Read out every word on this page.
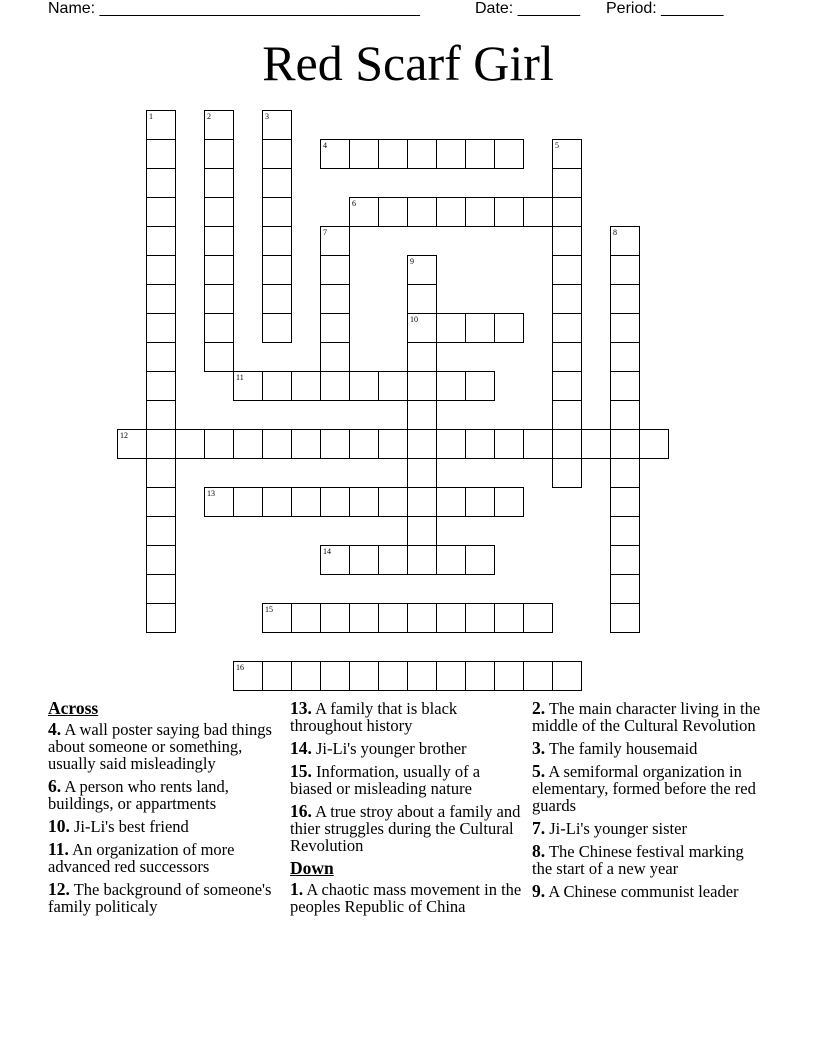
Name: ____________________________________	Date: _______ Period: _______
Red Scarf Girl
1	2	3
4	5
6
7	8
9
10
11
12
13
14
15
16
Across
4. A wall poster saying bad things about someone or something, usually said misleadingly
6. A person who rents land, buildings, or appartments
10. Ji-Li's best friend
11. An organization of more advanced red successors
12. The background of someone's family politicaly
13. A family that is black throughout history
14. Ji-Li's younger brother
15. Information, usually of a biased or misleading nature
16. A true stroy about a family and thier struggles during the Cultural Revolution
Down
1. A chaotic mass movement in the peoples Republic of China
2. The main character living in the middle of the Cultural Revolution
3. The family housemaid
5. A semiformal organization in elementary, formed before the red guards
7. Ji-Li's younger sister
8. The Chinese festival marking the start of a new year
9. A Chinese communist leader
